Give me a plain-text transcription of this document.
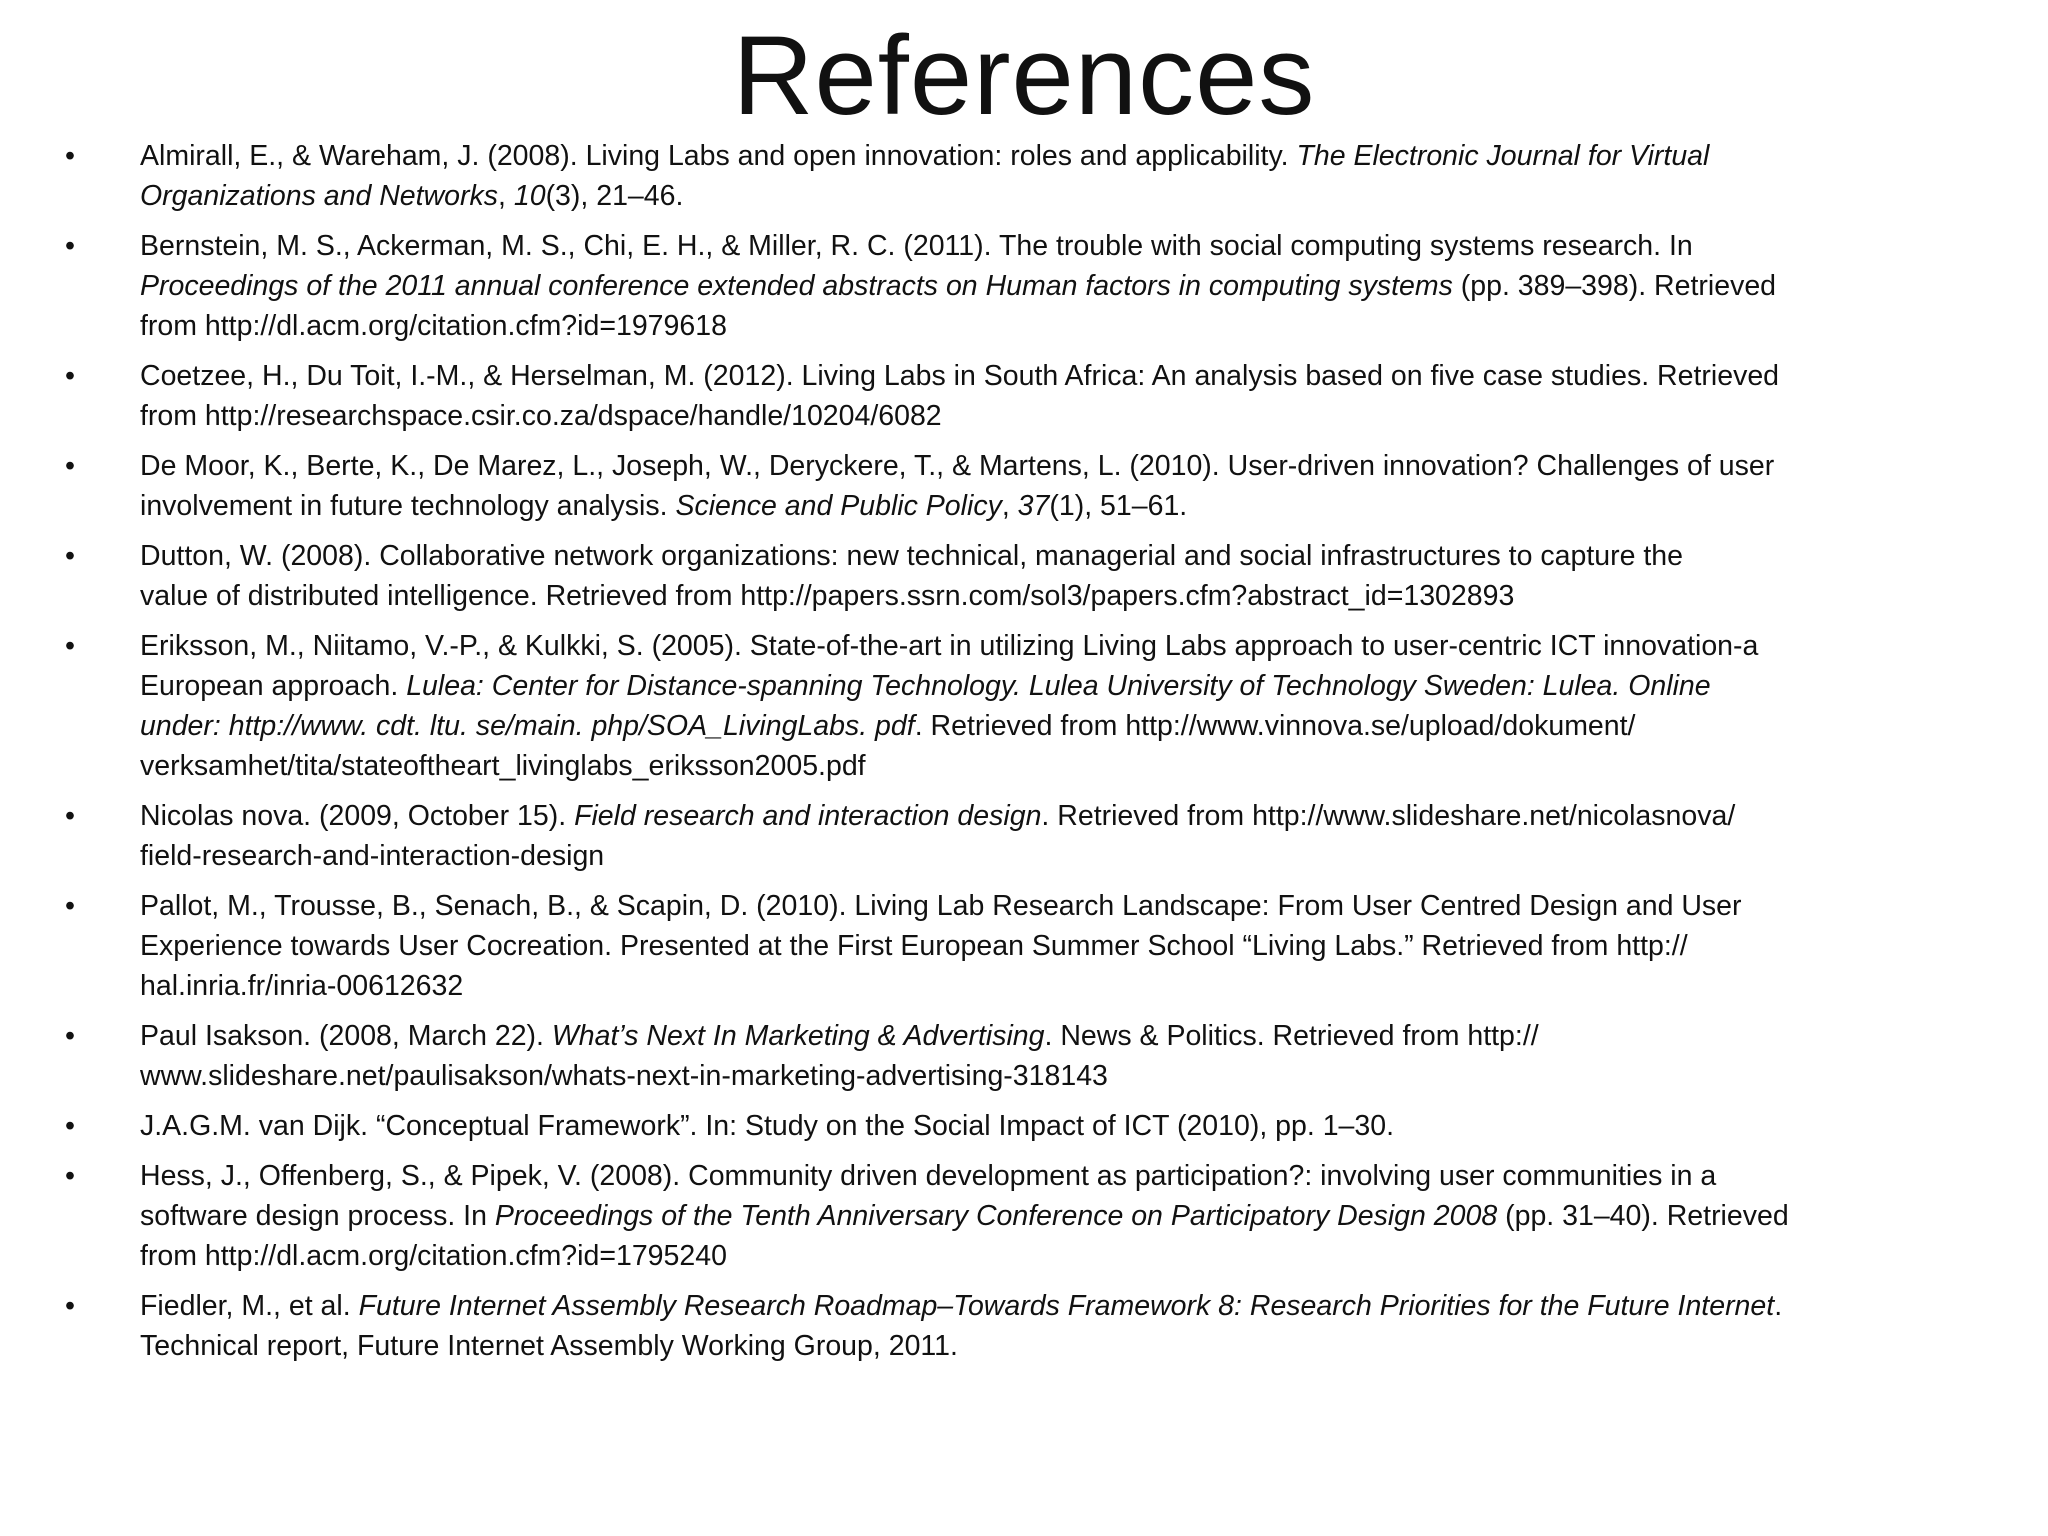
References
• Almirall, E., & Wareham, J. (2008). Living Labs and open innovation: roles and applicability. The Electronic Journal for Virtual
Organizations and Networks, 10(3), 21–46.
• Bernstein, M. S., Ackerman, M. S., Chi, E. H., & Miller, R. C. (2011). The trouble with social computing systems research. In
Proceedings of the 2011 annual conference extended abstracts on Human factors in computing systems (pp. 389–398). Retrieved
from http://dl.acm.org/citation.cfm?id=1979618
• Coetzee, H., Du Toit, I.-M., & Herselman, M. (2012). Living Labs in South Africa: An analysis based on five case studies. Retrieved
from http://researchspace.csir.co.za/dspace/handle/10204/6082
• De Moor, K., Berte, K., De Marez, L., Joseph, W., Deryckere, T., & Martens, L. (2010). User-driven innovation? Challenges of user
involvement in future technology analysis. Science and Public Policy, 37(1), 51–61.
• Dutton, W. (2008). Collaborative network organizations: new technical, managerial and social infrastructures to capture the
value of distributed intelligence. Retrieved from http://papers.ssrn.com/sol3/papers.cfm?abstract_id=1302893
• Eriksson, M., Niitamo, V.-P., & Kulkki, S. (2005). State-of-the-art in utilizing Living Labs approach to user-centric ICT innovation-a
European approach. Lulea: Center for Distance-spanning Technology. Lulea University of Technology Sweden: Lulea. Online
under: http://www. cdt. ltu. se/main. php/SOA_LivingLabs. pdf. Retrieved from http://www.vinnova.se/upload/dokument/
verksamhet/tita/stateoftheart_livinglabs_eriksson2005.pdf
• Nicolas nova. (2009, October 15). Field research and interaction design. Retrieved from http://www.slideshare.net/nicolasnova/
field-research-and-interaction-design
• Pallot, M., Trousse, B., Senach, B., & Scapin, D. (2010). Living Lab Research Landscape: From User Centred Design and User
Experience towards User Cocreation. Presented at the First European Summer School “Living Labs.” Retrieved from http://
hal.inria.fr/inria-00612632
• Paul Isakson. (2008, March 22). What’s Next In Marketing & Advertising. News & Politics. Retrieved from http://
www.slideshare.net/paulisakson/whats-next-in-marketing-advertising-318143
• J.A.G.M. van Dijk. “Conceptual Framework”. In: Study on the Social Impact of ICT (2010), pp. 1–30.
• Hess, J., Offenberg, S., & Pipek, V. (2008). Community driven development as participation?: involving user communities in a
software design process. In Proceedings of the Tenth Anniversary Conference on Participatory Design 2008 (pp. 31–40). Retrieved
from http://dl.acm.org/citation.cfm?id=1795240
• Fiedler, M., et al. Future Internet Assembly Research Roadmap–Towards Framework 8: Research Priorities for the Future Internet.
Technical report, Future Internet Assembly Working Group, 2011.
